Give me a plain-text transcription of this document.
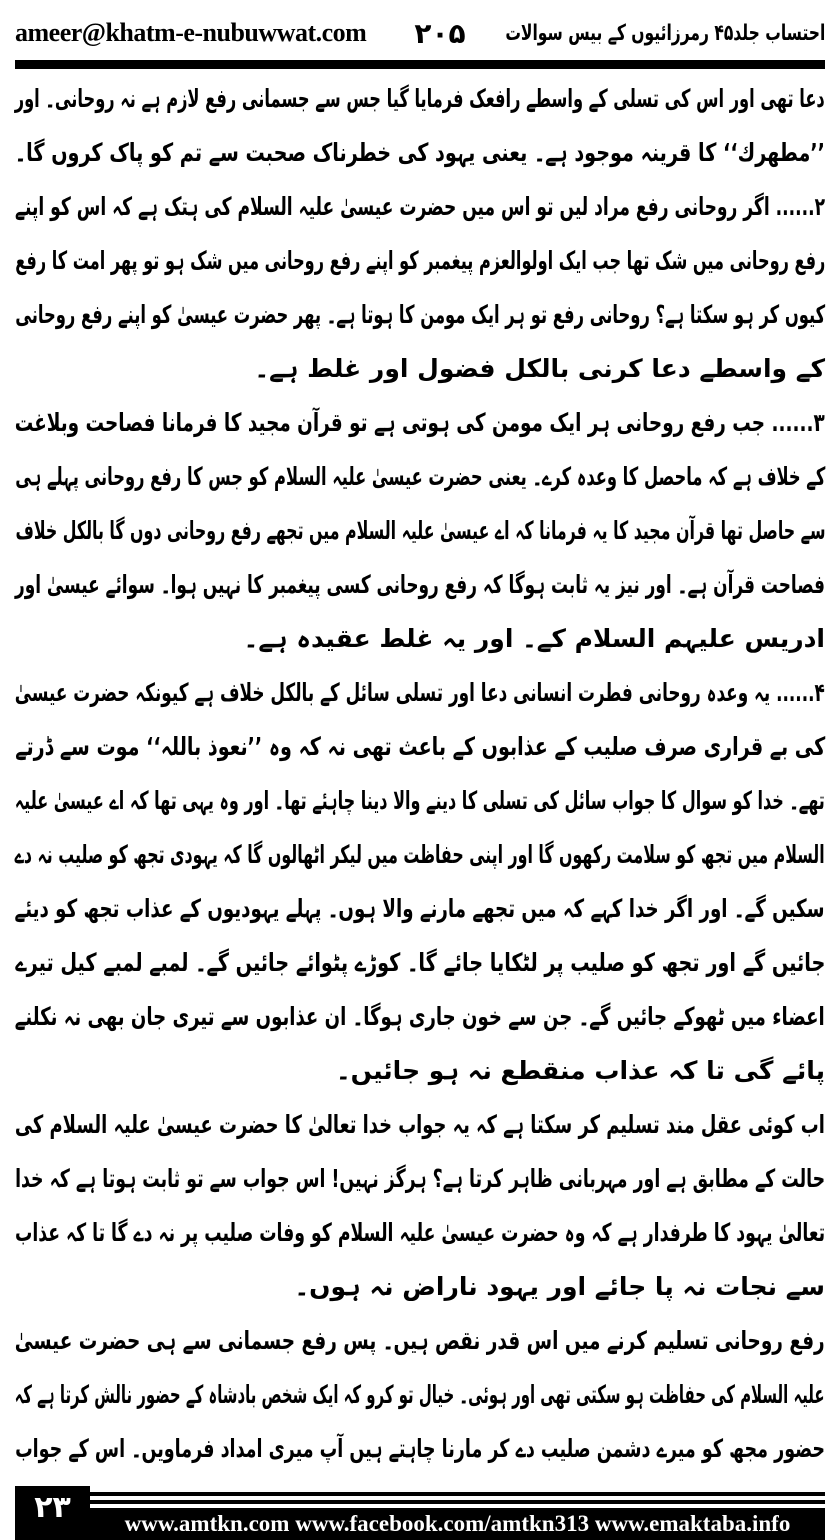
ameer@khatm-e-nubuwwat.com	۲۰۵ احتساب جلد۴۵ رمرزائیوں کے بیس سوالات
دعا تھی اور اس کی تسلی کے واسطے رافعک فرمایا گیا جس سے جسمانی رفع لازم ہے نہ روحانی۔ اور
’’مطھرك‘‘ کا قرینہ موجود ہے۔ یعنی یہود کی خطرناک صحبت سے تم کو پاک کروں گا۔
۲...... اگر روحانی رفع مراد لیں تو اس میں حضرت عیسیٰ علیہ السلام کی ہتک ہے کہ اس کو اپنے
رفع روحانی میں شک تھا جب ایک اولوالعزم پیغمبر کو اپنے رفع روحانی میں شک ہو تو پھر امت کا رفع
کیوں کر ہو سکتا ہے؟ روحانی رفع تو ہر ایک مومن کا ہوتا ہے۔ پھر حضرت عیسیٰ کو اپنے رفع روحانی
کے واسطے دعا کرنی بالکل فضول اور غلط ہے۔
۳...... جب رفع روحانی ہر ایک مومن کی ہوتی ہے تو قرآن مجید کا فرمانا فصاحت وبلاغت
کے خلاف ہے کہ ماحصل کا وعدہ کرے۔ یعنی حضرت عیسیٰ علیہ السلام کو جس کا رفع روحانی پہلے ہی
سے حاصل تھا قرآن مجید کا یہ فرمانا کہ اے عیسیٰ علیہ السلام میں تجھے رفع روحانی دوں گا بالکل خلاف
فصاحت قرآن ہے۔ اور نیز یہ ثابت ہوگا کہ رفع روحانی کسی پیغمبر کا نہیں ہوا۔ سوائے عیسیٰ اور
ادریس علیہم السلام کے۔ اور یہ غلط عقیدہ ہے۔
۴...... یہ وعدہ روحانی فطرت انسانی دعا اور تسلی سائل کے بالکل خلاف ہے کیونکہ حضرت عیسیٰ
کی بے قراری صرف صلیب کے عذابوں کے باعث تھی نہ کہ وہ ’’نعوذ باللہ‘‘ موت سے ڈرتے
تھے۔ خدا کو سوال کا جواب سائل کی تسلی کا دینے والا دینا چاہئے تھا۔ اور وہ یہی تھا کہ اے عیسیٰ علیہ
السلام میں تجھ کو سلامت رکھوں گا اور اپنی حفاظت میں لیکر اٹھالوں گا کہ یہودی تجھ کو صلیب نہ دے
سکیں گے۔ اور اگر خدا کہے کہ میں تجھے مارنے والا ہوں۔ پہلے یہودیوں کے عذاب تجھ کو دیئے
جائیں گے اور تجھ کو صلیب پر لٹکایا جائے گا۔ کوڑے پٹوائے جائیں گے۔ لمبے لمبے کیل تیرے
اعضاء میں ٹھوکے جائیں گے۔ جن سے خون جاری ہوگا۔ ان عذابوں سے تیری جان بھی نہ نکلنے
پائے گی تا کہ عذاب منقطع نہ ہو جائیں۔
اب کوئی عقل مند تسلیم کر سکتا ہے کہ یہ جواب خدا تعالیٰ کا حضرت عیسیٰ علیہ السلام کی
حالت کے مطابق ہے اور مہربانی ظاہر کرتا ہے؟ ہرگز نہیں! اس جواب سے تو ثابت ہوتا ہے کہ خدا
تعالیٰ یہود کا طرفدار ہے کہ وہ حضرت عیسیٰ علیہ السلام کو وفات صلیب پر نہ دے گا تا کہ عذاب
سے نجات نہ پا جائے اور یہود ناراض نہ ہوں۔
رفع روحانی تسلیم کرنے میں اس قدر نقص ہیں۔ پس رفع جسمانی سے ہی حضرت عیسیٰ
علیہ السلام کی حفاظت ہو سکتی تھی اور ہوئی۔ خیال تو کرو کہ ایک شخص بادشاہ کے حضور نالش کرتا ہے کہ
حضور مجھ کو میرے دشمن صلیب دے کر مارنا چاہتے ہیں آپ میری امداد فرماویں۔ اس کے جواب
۲۳	www.amtkn.com www.facebook.com/amtkn313 www.emaktaba.info
